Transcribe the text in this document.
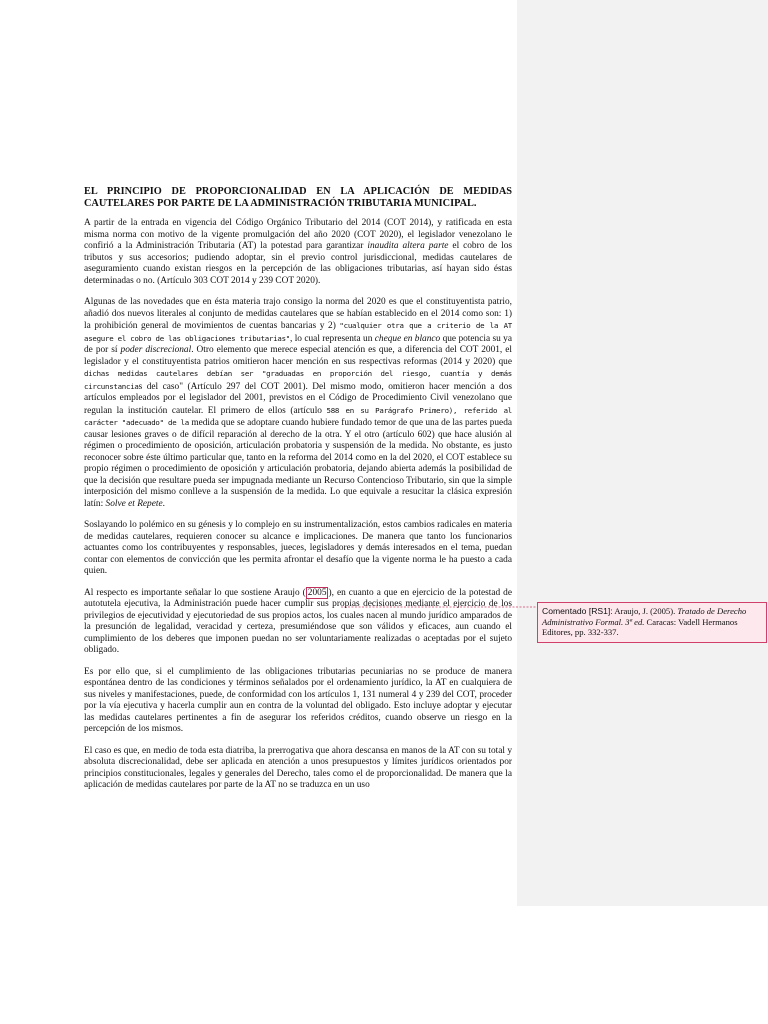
EL PRINCIPIO DE PROPORCIONALIDAD EN LA APLICACIÓN DE MEDIDAS CAUTELARES POR PARTE DE LA ADMINISTRACIÓN TRIBUTARIA MUNICIPAL.

A partir de la entrada en vigencia del Código Orgánico Tributario del 2014 (COT 2014), y ratificada en esta misma norma con motivo de la vigente promulgación del año 2020 (COT 2020), el legislador venezolano le confirió a la Administración Tributaria (AT) la potestad para garantizar inaudita altera parte el cobro de los tributos y sus accesorios; pudiendo adoptar, sin el previo control jurisdiccional, medidas cautelares de aseguramiento cuando existan riesgos en la percepción de las obligaciones tributarias, así hayan sido éstas determinadas o no. (Artículo 303 COT 2014 y 239 COT 2020).

Algunas de las novedades que en ésta materia trajo consigo la norma del 2020 es que el constituyentista patrio, añadió dos nuevos literales al conjunto de medidas cautelares que se habían establecido en el 2014 como son: 1) la prohibición general de movimientos de cuentas bancarias y 2) "cualquier otra que a criterio de la AT asegure el cobro de las obligaciones tributarias", lo cual representa un cheque en blanco que potencia su ya de por sí poder discrecional. Otro elemento que merece especial atención es que, a diferencia del COT 2001, el legislador y el constituyentista patrios omitieron hacer mención en sus respectivas reformas (2014 y 2020) que dichas medidas cautelares debían ser "graduadas en proporción del riesgo, cuantía y demás circunstancias del caso" (Artículo 297 del COT 2001). Del mismo modo, omitieron hacer mención a dos artículos empleados por el legislador del 2001, previstos en el Código de Procedimiento Civil venezolano que regulan la institución cautelar. El primero de ellos (artículo 588 en su Parágrafo Primero), referido al carácter "adecuado" de la medida que se adoptare cuando hubiere fundado temor de que una de las partes pueda causar lesiones graves o de difícil reparación al derecho de la otra. Y el otro (artículo 602) que hace alusión al régimen o procedimiento de oposición, articulación probatoria y suspensión de la medida. No obstante, es justo reconocer sobre éste último particular que, tanto en la reforma del 2014 como en la del 2020, el COT establece su propio régimen o procedimiento de oposición y articulación probatoria, dejando abierta además la posibilidad de que la decisión que resultare pueda ser impugnada mediante un Recurso Contencioso Tributario, sin que la simple interposición del mismo conlleve a la suspensión de la medida. Lo que equivale a resucitar la clásica expresión latín: Solve et Repete.

Soslayando lo polémico en su génesis y lo complejo en su instrumentalización, estos cambios radicales en materia de medidas cautelares, requieren conocer su alcance e implicaciones. De manera que tanto los funcionarios actuantes como los contribuyentes y responsables, jueces, legisladores y demás interesados en el tema, puedan contar con elementos de convicción que les permita afrontar el desafío que la vigente norma le ha puesto a cada quien.

Al respecto es importante señalar lo que sostiene Araujo ( 2005 ), en cuanto a que en ejercicio de la potestad de autotutela ejecutiva, la Administración puede hacer cumplir sus propias decisiones mediante el ejercicio de los privilegios de ejecutividad y ejecutoriedad de sus propios actos, los cuales nacen al mundo jurídico amparados de la presunción de legalidad, veracidad y certeza, presumiéndose que son válidos y eficaces, aun cuando el cumplimiento de los deberes que imponen puedan no ser voluntariamente realizadas o aceptadas por el sujeto obligado.

Es por ello que, si el cumplimiento de las obligaciones tributarias pecuniarias no se produce de manera espontánea dentro de las condiciones y términos señalados por el ordenamiento jurídico, la AT en cualquiera de sus niveles y manifestaciones, puede, de conformidad con los artículos 1, 131 numeral 4 y 239 del COT, proceder por la vía ejecutiva y hacerla cumplir aun en contra de la voluntad del obligado. Esto incluye adoptar y ejecutar las medidas cautelares pertinentes a fin de asegurar los referidos créditos, cuando observe un riesgo en la percepción de los mismos.

El caso es que, en medio de toda esta diatriba, la prerrogativa que ahora descansa en manos de la AT con su total y absoluta discrecionalidad, debe ser aplicada en atención a unos presupuestos y límites jurídicos orientados por principios constitucionales, legales y generales del Derecho, tales como el de proporcionalidad. De manera que la aplicación de medidas cautelares por parte de la AT no se traduzca en un uso

Comentado [RS1]: Araujo, J. (2005). Tratado de Derecho Administrativo Formal. 3ª ed. Caracas: Vadell Hermanos Editores, pp. 332-337.
